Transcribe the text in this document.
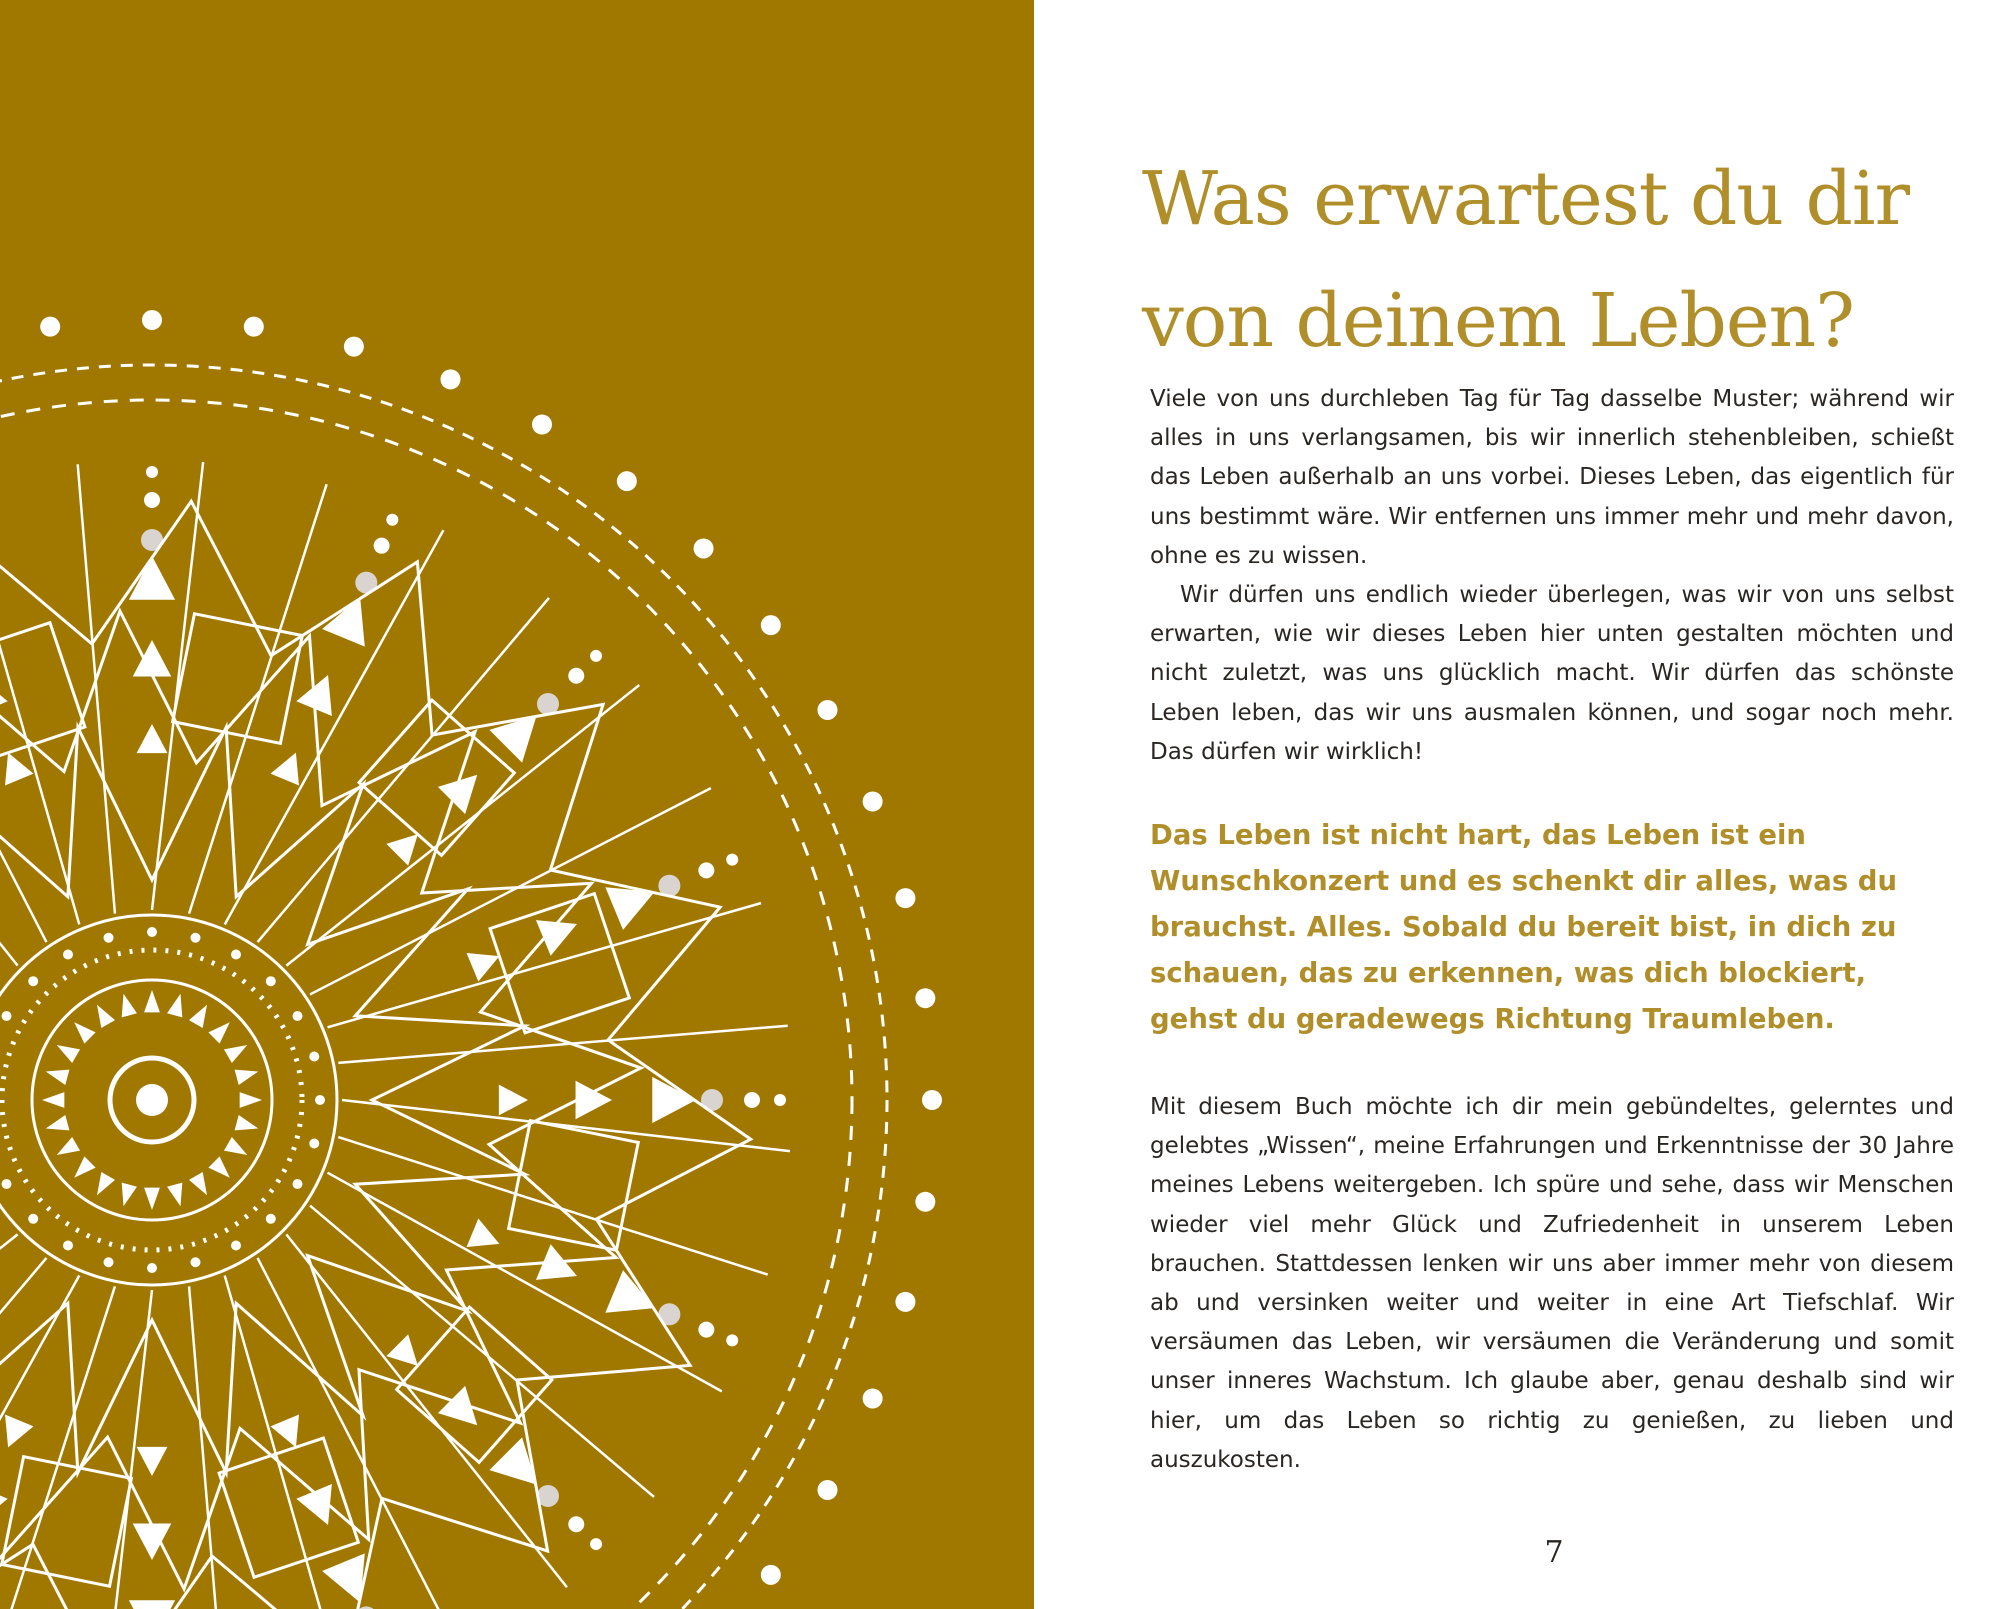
Was erwartest du dir von deinem Leben?

Viele von uns durchleben Tag für Tag dasselbe Muster; während wir alles in uns verlangsamen, bis wir innerlich stehenbleiben, schießt das Leben außerhalb an uns vorbei. Dieses Leben, das eigentlich für uns bestimmt wäre. Wir entfernen uns immer mehr und mehr davon, ohne es zu wissen.

Wir dürfen uns endlich wieder überlegen, was wir von uns selbst erwarten, wie wir dieses Leben hier unten gestalten möchten und nicht zuletzt, was uns glücklich macht. Wir dürfen das schönste Leben leben, das wir uns ausmalen können, und sogar noch mehr. Das dürfen wir wirklich!

Das Leben ist nicht hart, das Leben ist ein Wunschkonzert und es schenkt dir alles, was du brauchst. Alles. Sobald du bereit bist, in dich zu schauen, das zu erkennen, was dich blockiert, gehst du geradewegs Richtung Traumleben.

Mit diesem Buch möchte ich dir mein gebündeltes, gelerntes und gelebtes „Wissen“, meine Erfahrungen und Erkenntnisse der 30 Jahre meines Lebens weitergeben. Ich spüre und sehe, dass wir Menschen wieder viel mehr Glück und Zufriedenheit in unserem Leben brauchen. Stattdessen lenken wir uns aber immer mehr von diesem ab und versinken weiter und weiter in eine Art Tiefschlaf. Wir versäumen das Leben, wir versäumen die Veränderung und somit unser inneres Wachstum. Ich glaube aber, genau deshalb sind wir hier, um das Leben so richtig zu genießen, zu lieben und auszukosten.

7
